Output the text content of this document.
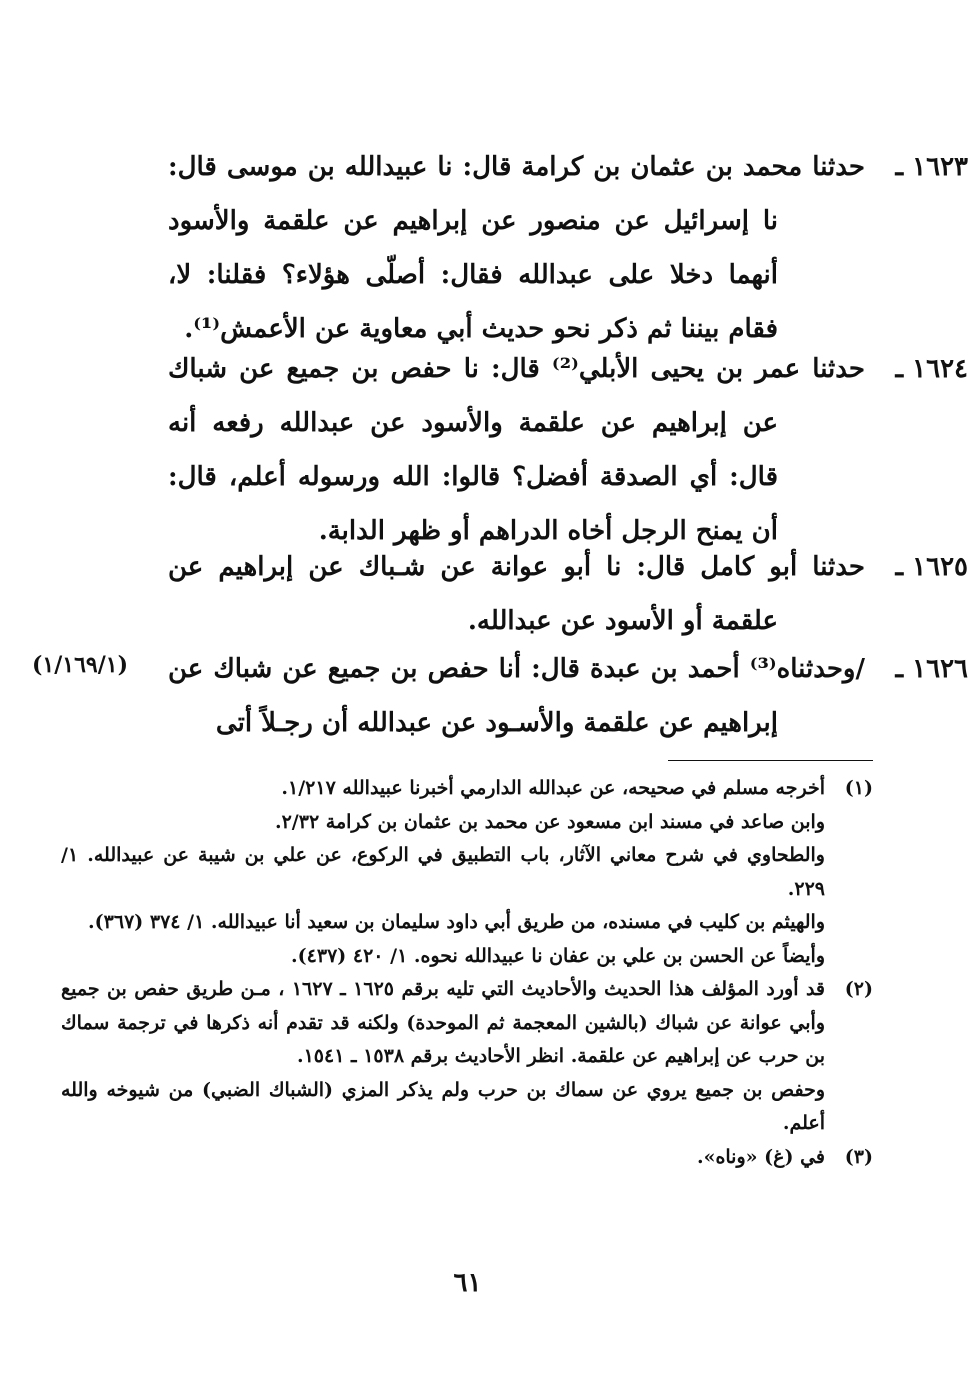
١٦٢٣ ـحدثنا محمد بن عثمان بن كرامة قال: نا عبيدالله بن موسى قال: نا إسرائيل عن منصور عن إبراهيم عن علقمة والأسود أنهما دخلا على عبدالله فقال: أصلّى هؤلاء؟ فقلنا: لا، فقام بيننا ثم ذكر نحو حديث أبي معاوية عن الأعمش⁽¹⁾.
١٦٢٤ ـحدثنا عمر بن يحيى الأبلي⁽²⁾ قال: نا حفص بن جميع عن شباك عن إبراهيم عن علقمة والأسود عن عبدالله رفعه أنه قال: أي الصدقة أفضل؟ قالوا: الله ورسوله أعلم، قال: أن يمنح الرجل أخاه الدراهم أو ظهر الدابة.
١٦٢٥ ـحدثنا أبو كامل قال: نا أبو عوانة عن شـباك عن إبراهيم عن علقمة أو الأسود عن عبدالله.
١٦٢٦ ـ/وحدثناه⁽³⁾ أحمد بن عبدة قال: أنا حفص بن جميع عن شباك عن إبراهيم عن علقمة والأسـود عن عبدالله أن رجـلاً أتى
(١/١٦٩/١)
(١)

أخرجه مسلم في صحيحه، عن عبدالله الدارمي أخبرنا عبيدالله ١/٢١٧.

وابن صاعد في مسند ابن مسعود عن محمد بن عثمان بن كرامة ٢/٣٢.

والطحاوي في شرح معاني الآثار، باب التطبيق في الركوع، عن علي بن شيبة عن عبيدالله. ١/ ٢٢٩.

والهيثم بن كليب في مسنده، من طريق أبي داود سليمان بن سعيد أنا عبيدالله. ١/ ٣٧٤ (٣٦٧).

وأيضاً عن الحسن بن علي بن عفان نا عبيدالله نحوه. ١/ ٤٢٠ (٤٣٧).

(٢)

قد أورد المؤلف هذا الحديث والأحاديث التي تليه برقم ١٦٢٥ ـ ١٦٢٧ ، مـن طريق حفص بن جميع وأبي عوانة عن شباك (بالشين المعجمة ثم الموحدة) ولكنه قد تقدم أنه ذكرها في ترجمة سماك بن حرب عن إبراهيم عن علقمة. انظر الأحاديث برقم ١٥٣٨ ـ ١٥٤١.

وحفص بن جميع يروي عن سماك بن حرب ولم يذكر المزي (الشباك الضبي) من شيوخه والله أعلم.

(٣)

في (غ) «وناه».

٦١
